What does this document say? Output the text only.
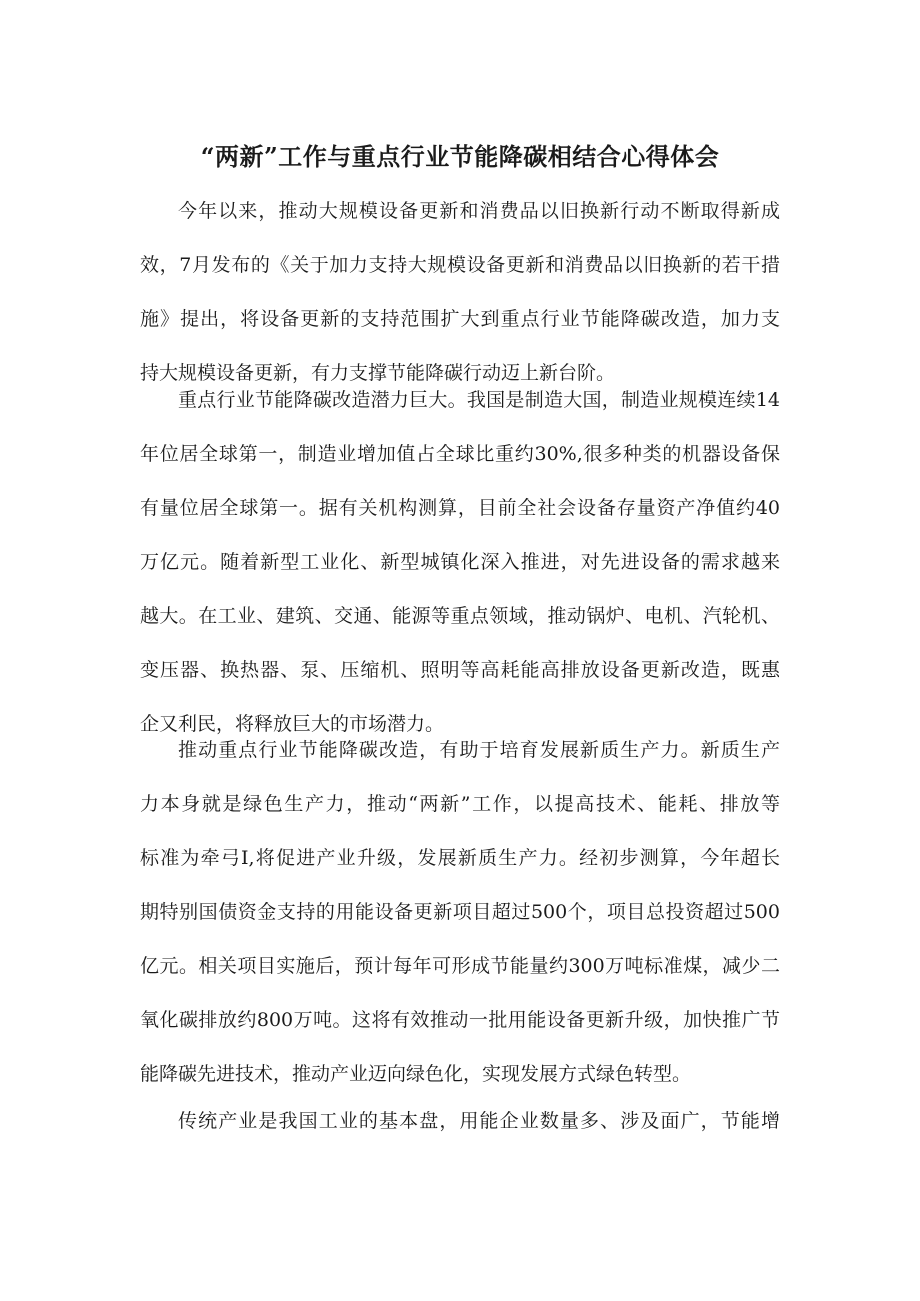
“两新”工作与重点行业节能降碳相结合心得体会
今年以来，推动大规模设备更新和消费品以旧换新行动不断取得新成
效，7月发布的《关于加力支持大规模设备更新和消费品以旧换新的若干措
施》提出，将设备更新的支持范围扩大到重点行业节能降碳改造，加力支
持大规模设备更新，有力支撑节能降碳行动迈上新台阶。
重点行业节能降碳改造潜力巨大。我国是制造大国，制造业规模连续14
年位居全球第一，制造业增加值占全球比重约30%,很多种类的机器设备保
有量位居全球第一。据有关机构测算，目前全社会设备存量资产净值约40
万亿元。随着新型工业化、新型城镇化深入推进，对先进设备的需求越来
越大。在工业、建筑、交通、能源等重点领域，推动锅炉、电机、汽轮机、
变压器、换热器、泵、压缩机、照明等高耗能高排放设备更新改造，既惠
企又利民，将释放巨大的市场潜力。
推动重点行业节能降碳改造，有助于培育发展新质生产力。新质生产
力本身就是绿色生产力，推动“两新”工作，以提高技术、能耗、排放等
标准为牵弓I,将促进产业升级，发展新质生产力。经初步测算，今年超长
期特别国债资金支持的用能设备更新项目超过500个，项目总投资超过500
亿元。相关项目实施后，预计每年可形成节能量约300万吨标准煤，减少二
氧化碳排放约800万吨。这将有效推动一批用能设备更新升级，加快推广节
能降碳先进技术，推动产业迈向绿色化，实现发展方式绿色转型。
传统产业是我国工业的基本盘，用能企业数量多、涉及面广，节能增
